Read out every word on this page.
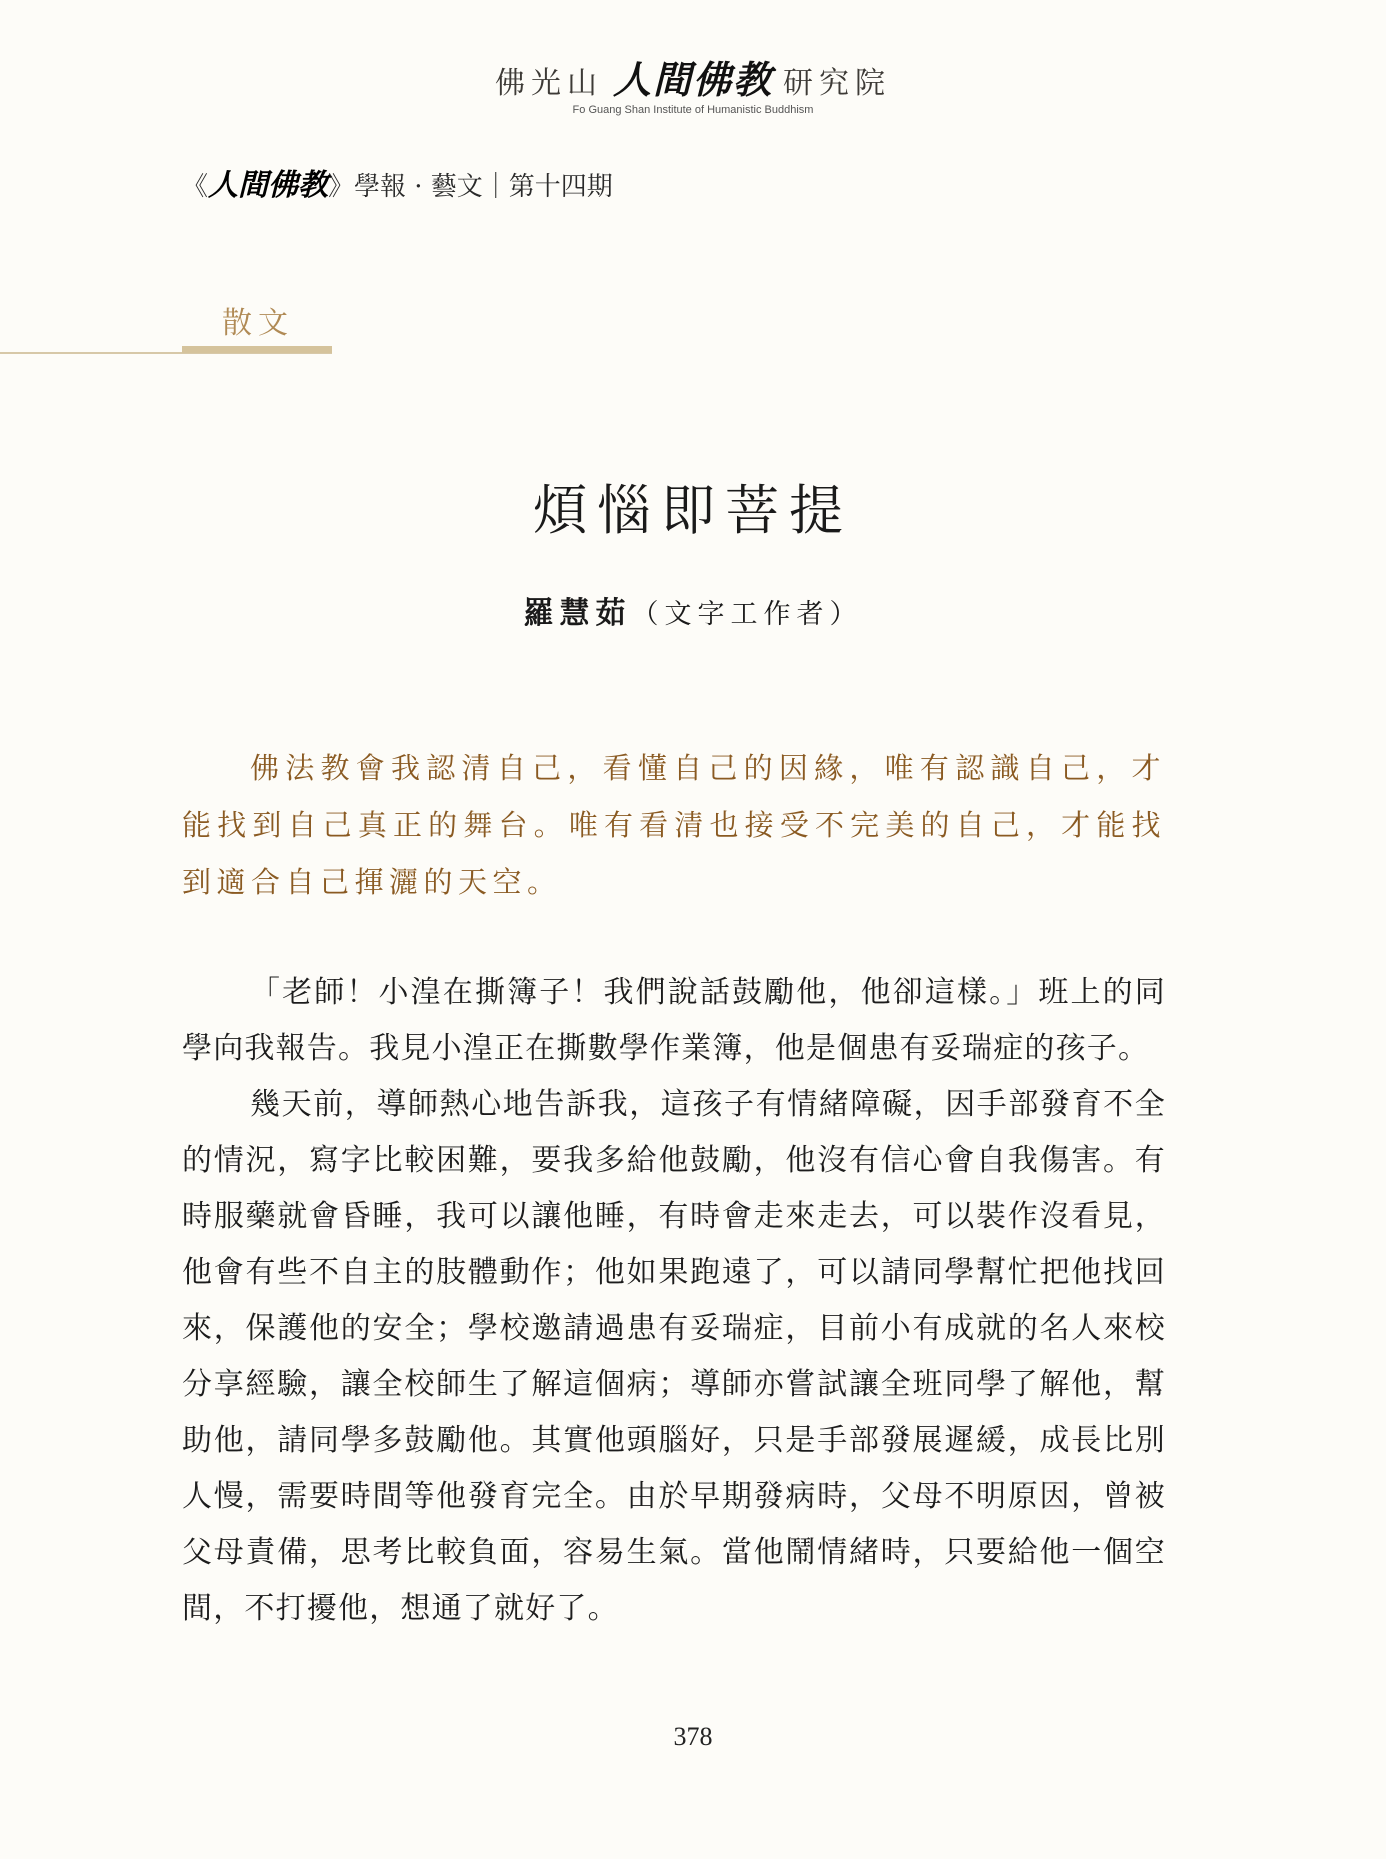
佛光山 人間佛教 研究院
Fo Guang Shan Institute of Humanistic Buddhism
《人間佛教》學報 · 藝文｜第十四期
散文
煩惱即菩提
羅慧茹（文字工作者）

佛法教會我認清自己，看懂自己的因緣，唯有認識自己，才能找到自己真正的舞台。唯有看清也接受不完美的自己，才能找到適合自己揮灑的天空。

「老師！小湟在撕簿子！我們說話鼓勵他，他卻這樣。」班上的同學向我報告。我見小湟正在撕數學作業簿，他是個患有妥瑞症的孩子。

幾天前，導師熱心地告訴我，這孩子有情緒障礙，因手部發育不全的情況，寫字比較困難，要我多給他鼓勵，他沒有信心會自我傷害。有時服藥就會昏睡，我可以讓他睡，有時會走來走去，可以裝作沒看見，他會有些不自主的肢體動作；他如果跑遠了，可以請同學幫忙把他找回來，保護他的安全；學校邀請過患有妥瑞症，目前小有成就的名人來校分享經驗，讓全校師生了解這個病；導師亦嘗試讓全班同學了解他，幫助他，請同學多鼓勵他。其實他頭腦好，只是手部發展遲緩，成長比別人慢，需要時間等他發育完全。由於早期發病時，父母不明原因，曾被父母責備，思考比較負面，容易生氣。當他鬧情緒時，只要給他一個空間，不打擾他，想通了就好了。

378
